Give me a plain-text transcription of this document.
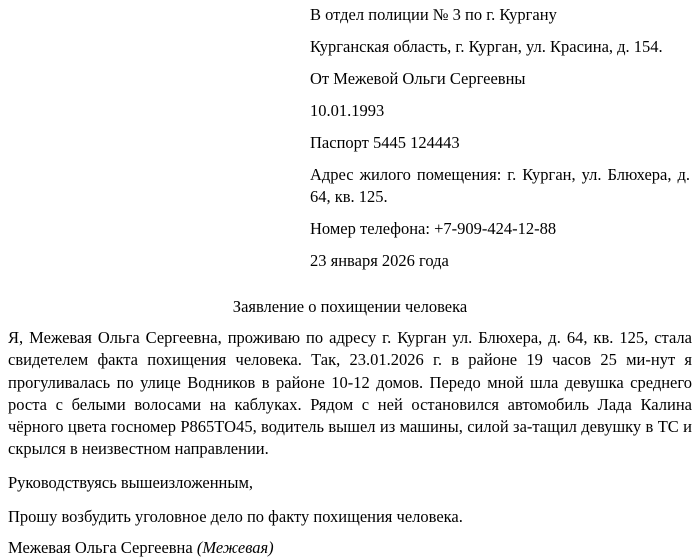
В отдел полиции № 3 по г. Кургану

Курганская область, г. Курган, ул. Красина, д. 154.

От Межевой Ольги Сергеевны

10.01.1993

Паспорт 5445 124443

Адрес жилого помещения: г. Курган, ул. Блюхера, д. 64, кв. 125.

Номер телефона: +7-909-424-12-88

23 января 2026 года

Заявление о похищении человека

Я, Межевая Ольга Сергеевна, проживаю по адресу г. Курган ул. Блюхера, д. 64, кв. 125, стала свидетелем факта похищения человека. Так, 23.01.2026 г. в районе 19 часов 25 ми-нут я прогуливалась по улице Водников в районе 10-12 домов. Передо мной шла девушка среднего роста с белыми волосами на каблуках. Рядом с ней остановился автомобиль Лада Калина чёрного цвета госномер Р865ТО45, водитель вышел из машины, силой за-тащил девушку в ТС и скрылся в неизвестном направлении.

Руководствуясь вышеизложенным,

Прошу возбудить уголовное дело по факту похищения человека.

Межевая Ольга Сергеевна (Межевая)
